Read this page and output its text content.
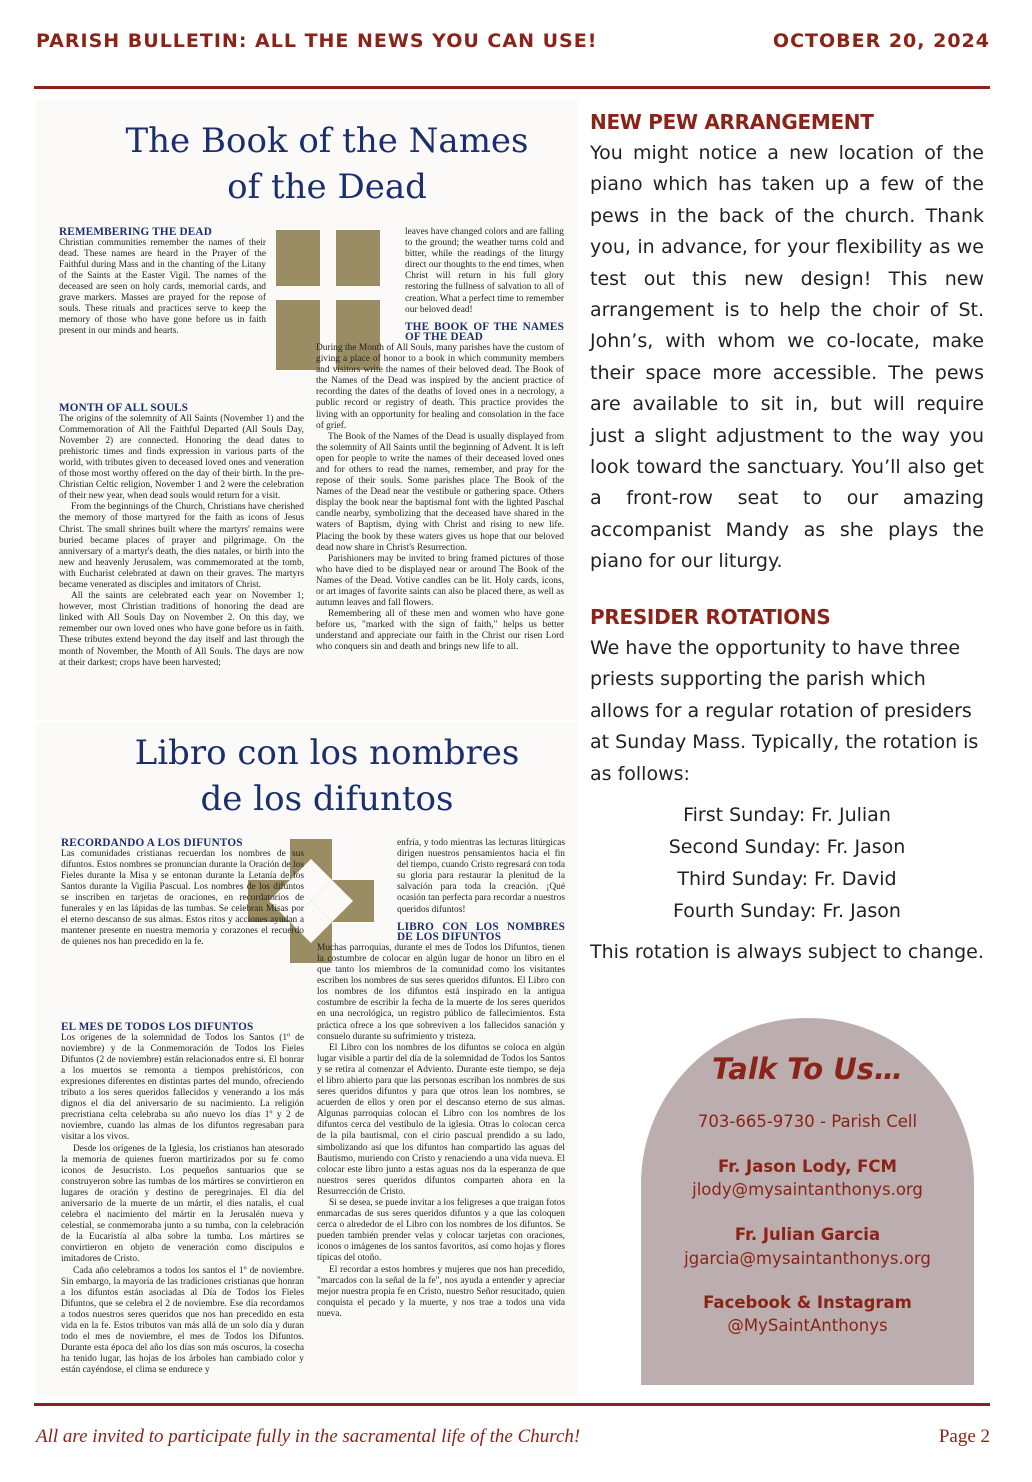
PARISH BULLETIN: ALL THE NEWS YOU CAN USE!	OCTOBER 20, 2024
The Book of the Names
of the Dead
REMEMBERING THE DEAD

Christian communities remember the names of their dead. These names are heard in the Prayer of the Faithful during Mass and in the chanting of the Litany of the Saints at the Easter Vigil. The names of the deceased are seen on holy cards, memorial cards, and grave markers. Masses are prayed for the repose of souls. These rituals and practices serve to keep the memory of those who have gone before us in faith present in our minds and hearts.

MONTH OF ALL SOULS

The origins of the solemnity of All Saints (November 1) and the Commemoration of All the Faithful Departed (All Souls Day, November 2) are connected. Honoring the dead dates to prehistoric times and finds expression in various parts of the world, with tributes given to deceased loved ones and veneration of those most worthy offered on the day of their birth. In the pre-Christian Celtic religion, November 1 and 2 were the celebration of their new year, when dead souls would return for a visit.

From the beginnings of the Church, Christians have cherished the memory of those martyred for the faith as icons of Jesus Christ. The small shrines built where the martyrs' remains were buried became places of prayer and pilgrimage. On the anniversary of a martyr's death, the dies natales, or birth into the new and heavenly Jerusalem, was commemorated at the tomb, with Eucharist celebrated at dawn on their graves. The martyrs became venerated as disciples and imitators of Christ.

All the saints are celebrated each year on November 1; however, most Christian traditions of honoring the dead are linked with All Souls Day on November 2. On this day, we remember our own loved ones who have gone before us in faith. These tributes extend beyond the day itself and last through the month of November, the Month of All Souls. The days are now at their darkest; crops have been harvested;

leaves have changed colors and are falling to the ground; the weather turns cold and bitter, while the readings of the liturgy direct our thoughts to the end times, when Christ will return in his full glory restoring the fullness of salvation to all of creation. What a perfect time to remember our beloved dead!

THE BOOK OF THE NAMES OF THE DEAD

During the Month of All Souls, many parishes have the custom of giving a place of honor to a book in which community members and visitors write the names of their beloved dead. The Book of the Names of the Dead was inspired by the ancient practice of recording the dates of the deaths of loved ones in a necrology, a public record or registry of death. This practice provides the living with an opportunity for healing and consolation in the face of grief.

The Book of the Names of the Dead is usually displayed from the solemnity of All Saints until the beginning of Advent. It is left open for people to write the names of their deceased loved ones and for others to read the names, remember, and pray for the repose of their souls. Some parishes place The Book of the Names of the Dead near the vestibule or gathering space. Others display the book near the baptismal font with the lighted Paschal candle nearby, symbolizing that the deceased have shared in the waters of Baptism, dying with Christ and rising to new life. Placing the book by these waters gives us hope that our beloved dead now share in Christ's Resurrection.

Parishioners may be invited to bring framed pictures of those who have died to be displayed near or around The Book of the Names of the Dead. Votive candles can be lit. Holy cards, icons, or art images of favorite saints can also be placed there, as well as autumn leaves and fall flowers.

Remembering all of these men and women who have gone before us, "marked with the sign of faith," helps us better understand and appreciate our faith in the Christ our risen Lord who conquers sin and death and brings new life to all.

Libro con los nombres
de los difuntos
RECORDANDO A LOS DIFUNTOS

Las comunidades cristianas recuerdan los nombres de sus difuntos. Estos nombres se pronuncian durante la Oración de los Fieles durante la Misa y se entonan durante la Letanía de los Santos durante la Vigilia Pascual. Los nombres de los difuntos se inscriben en tarjetas de oraciones, en recordatorios de funerales y en las lápidas de las tumbas. Se celebran Misas por el eterno descanso de sus almas. Estos ritos y acciones ayudan a mantener presente en nuestra memoria y corazones el recuerdo de quienes nos han precedido en la fe.

EL MES DE TODOS LOS DIFUNTOS

Los orígenes de la solemnidad de Todos los Santos (1º de noviembre) y de la Conmemoración de Todos los Fieles Difuntos (2 de noviembre) están relacionados entre sí. El honrar a los muertos se remonta a tiempos prehistóricos, con expresiones diferentes en distintas partes del mundo, ofreciendo tributo a los seres queridos fallecidos y venerando a los más dignos el día del aniversario de su nacimiento. La religión precristiana celta celebraba su año nuevo los días 1º y 2 de noviembre, cuando las almas de los difuntos regresaban para visitar a los vivos.

Desde los orígenes de la Iglesia, los cristianos han atesorado la memoria de quienes fueron martirizados por su fe como iconos de Jesucristo. Los pequeños santuarios que se construyeron sobre las tumbas de los mártires se convirtieron en lugares de oración y destino de peregrinajes. El día del aniversario de la muerte de un mártir, el dies natalis, el cual celebra el nacimiento del mártir en la Jerusalén nueva y celestial, se conmemoraba junto a su tumba, con la celebración de la Eucaristía al alba sobre la tumba. Los mártires se convirtieron en objeto de veneración como discípulos e imitadores de Cristo.

Cada año celebramos a todos los santos el 1º de noviembre. Sin embargo, la mayoría de las tradiciones cristianas que honran a los difuntos están asociadas al Día de Todos los Fieles Difuntos, que se celebra el 2 de noviembre. Ese día recordamos a todos nuestros seres queridos que nos han precedido en esta vida en la fe. Estos tributos van más allá de un solo día y duran todo el mes de noviembre, el mes de Todos los Difuntos. Durante esta época del año los días son más oscuros, la cosecha ha tenido lugar, las hojas de los árboles han cambiado color y están cayéndose, el clima se endurece y

enfría, y todo mientras las lecturas litúrgicas dirigen nuestros pensamientos hacia el fin del tiempo, cuando Cristo regresará con toda su gloria para restaurar la plenitud de la salvación para toda la creación. ¡Qué ocasión tan perfecta para recordar a nuestros queridos difuntos!

LIBRO CON LOS NOMBRES DE LOS DIFUNTOS

Muchas parroquias, durante el mes de Todos los Difuntos, tienen la costumbre de colocar en algún lugar de honor un libro en el que tanto los miembros de la comunidad como los visitantes escriben los nombres de sus seres queridos difuntos. El Libro con los nombres de los difuntos está inspirado en la antigua costumbre de escribir la fecha de la muerte de los seres queridos en una necrológica, un registro público de fallecimientos. Esta práctica ofrece a los que sobreviven a los fallecidos sanación y consuelo durante su sufrimiento y tristeza.

El Libro con los nombres de los difuntos se coloca en algún lugar visible a partir del día de la solemnidad de Todos los Santos y se retira al comenzar el Adviento. Durante este tiempo, se deja el libro abierto para que las personas escriban los nombres de sus seres queridos difuntos y para que otros lean los nombres, se acuerden de ellos y oren por el descanso eterno de sus almas. Algunas parroquias colocan el Libro con los nombres de los difuntos cerca del vestíbulo de la iglesia. Otras lo colocan cerca de la pila bautismal, con el cirio pascual prendido a su lado, simbolizando así que los difuntos han compartido las aguas del Bautismo, muriendo con Cristo y renaciendo a una vida nueva. El colocar este libro junto a estas aguas nos da la esperanza de que nuestros seres queridos difuntos comparten ahora en la Resurrección de Cristo.

Si se desea, se puede invitar a los feligreses a que traigan fotos enmarcadas de sus seres queridos difuntos y a que las coloquen cerca o alrededor de el Libro con los nombres de los difuntos. Se pueden también prender velas y colocar tarjetas con oraciones, iconos o imágenes de los santos favoritos, así como hojas y flores típicas del otoño.

El recordar a estos hombres y mujeres que nos han precedido, "marcados con la señal de la fe", nos ayuda a entender y apreciar mejor nuestra propia fe en Cristo, nuestro Señor resucitado, quien conquista el pecado y la muerte, y nos trae a todos una vida nueva.

NEW PEW ARRANGEMENT
You might notice a new location of the piano which has taken up a few of the pews in the back of the church. Thank you, in advance, for your flexibility as we test out this new design! This new arrangement is to help the choir of St. John’s, with whom we co-locate, make their space more accessible. The pews are available to sit in, but will require just a slight adjustment to the way you look toward the sanctuary. You’ll also get a front-row seat to our amazing accompanist Mandy as she plays the piano for our liturgy.
PRESIDER ROTATIONS
We have the opportunity to have three priests supporting the parish which allows for a regular rotation of presiders at Sunday Mass. Typically, the rotation is as follows:
First Sunday: Fr. Julian
Second Sunday: Fr. Jason
Third Sunday: Fr. David
Fourth Sunday: Fr. Jason
This rotation is always subject to change.
Talk To Us…
703-665-9730 - Parish Cell
Fr. Jason Lody, FCM
jlody@mysaintanthonys.org
Fr. Julian Garcia
jgarcia@mysaintanthonys.org
Facebook & Instagram
@MySaintAnthonys
All are invited to participate fully in the sacramental life of the Church!	Page 2
